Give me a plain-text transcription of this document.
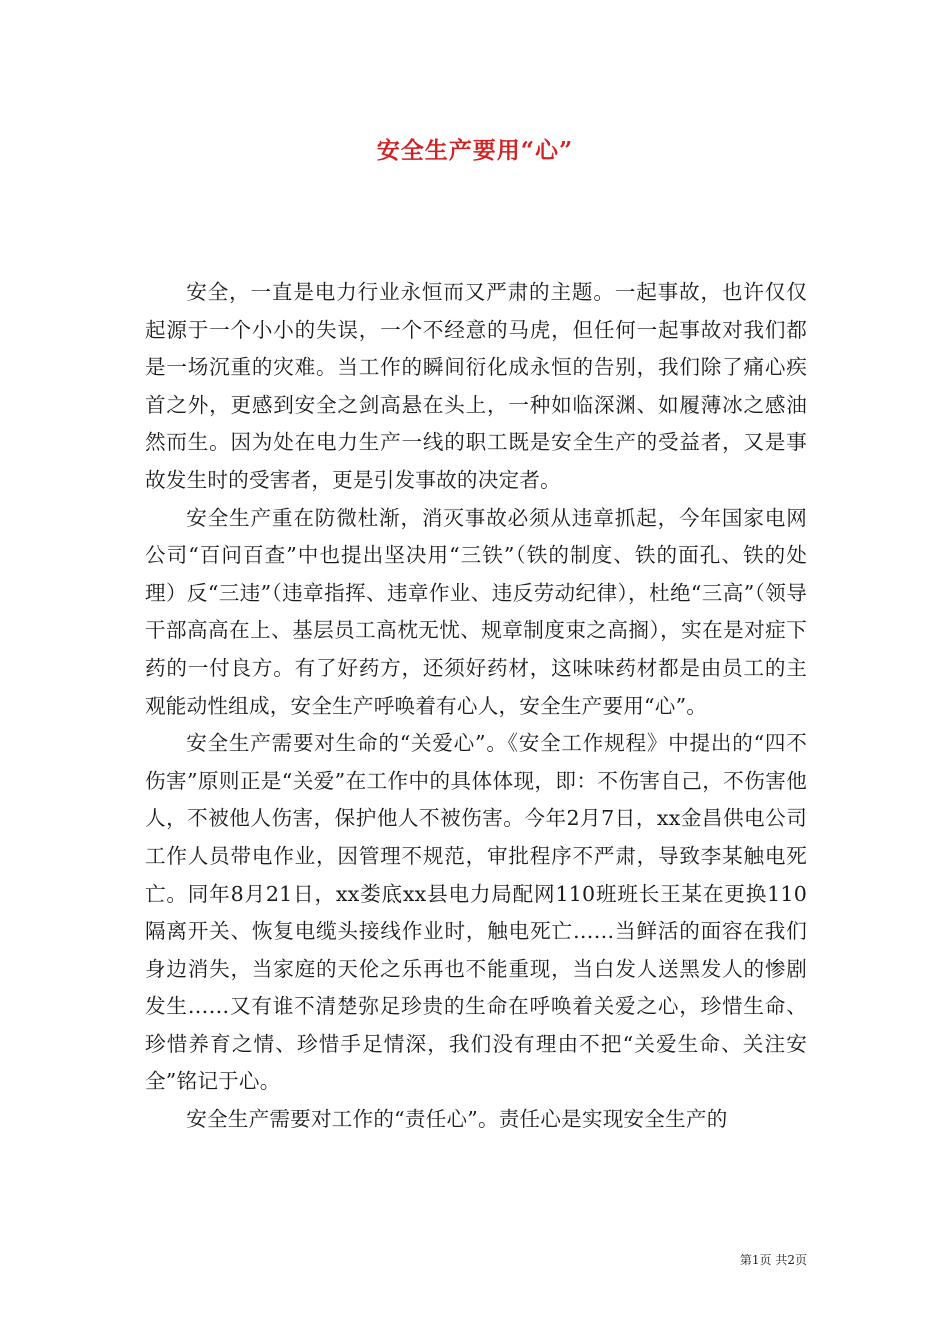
安全生产要用“心”

安全，一直是电力行业永恒而又严肃的主题。一起事故，也许仅仅起源于一个小小的失误，一个不经意的马虎，但任何一起事故对我们都是一场沉重的灾难。当工作的瞬间衍化成永恒的告别，我们除了痛心疾首之外，更感到安全之剑高悬在头上，一种如临深渊、如履薄冰之感油然而生。因为处在电力生产一线的职工既是安全生产的受益者，又是事故发生时的受害者，更是引发事故的决定者。

安全生产重在防微杜渐，消灭事故必须从违章抓起，今年国家电网公司“百问百查”中也提出坚决用“三铁”（铁的制度、铁的面孔、铁的处理）反“三违”（违章指挥、违章作业、违反劳动纪律），杜绝“三高”（领导干部高高在上、基层员工高枕无忧、规章制度束之高搁），实在是对症下药的一付良方。有了好药方，还须好药材，这味味药材都是由员工的主观能动性组成，安全生产呼唤着有心人，安全生产要用“心”。

安全生产需要对生命的“关爱心”。《安全工作规程》中提出的“四不伤害”原则正是“关爱”在工作中的具体体现，即：不伤害自己，不伤害他人，不被他人伤害，保护他人不被伤害。今年2月7日，xx金昌供电公司工作人员带电作业，因管理不规范，审批程序不严肃，导致李某触电死亡。同年8月21日，xx娄底xx县电力局配网110班班长王某在更换110隔离开关、恢复电缆头接线作业时，触电死亡……当鲜活的面容在我们身边消失，当家庭的天伦之乐再也不能重现，当白发人送黑发人的惨剧发生……又有谁不清楚弥足珍贵的生命在呼唤着关爱之心，珍惜生命、珍惜养育之情、珍惜手足情深，我们没有理由不把“关爱生命、关注安全”铭记于心。

安全生产需要对工作的“责任心”。责任心是实现安全生产的

第1页 共2页
